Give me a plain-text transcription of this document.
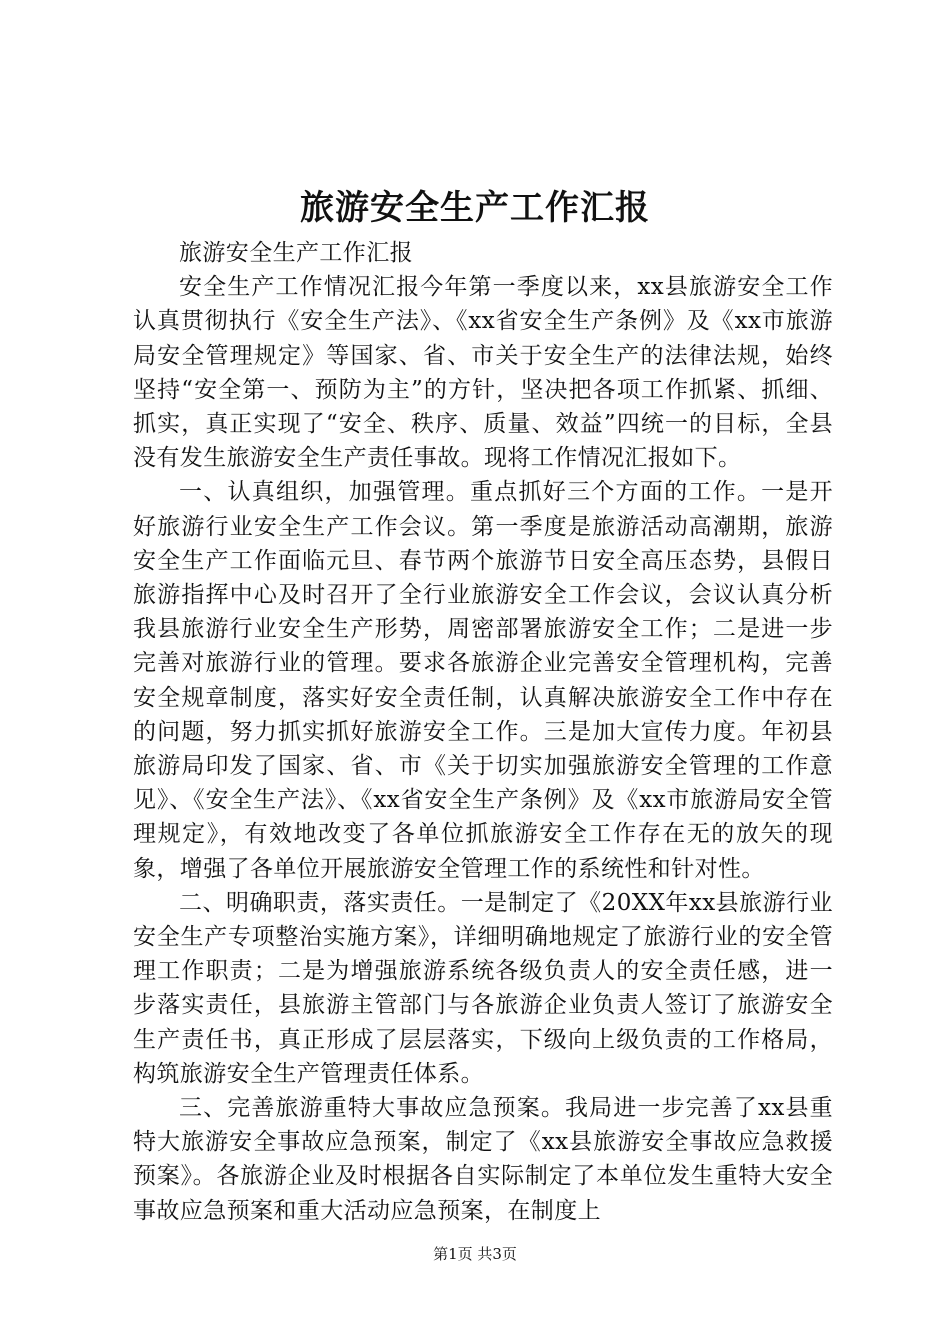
旅游安全生产工作汇报

旅游安全生产工作汇报

安全生产工作情况汇报今年第一季度以来，xx县旅游安全工作认真贯彻执行《安全生产法》、《xx省安全生产条例》及《xx市旅游局安全管理规定》等国家、省、市关于安全生产的法律法规，始终坚持“安全第一、预防为主”的方针，坚决把各项工作抓紧、抓细、抓实，真正实现了“安全、秩序、质量、效益”四统一的目标，全县没有发生旅游安全生产责任事故。现将工作情况汇报如下。

一、认真组织，加强管理。重点抓好三个方面的工作。一是开好旅游行业安全生产工作会议。第一季度是旅游活动高潮期，旅游安全生产工作面临元旦、春节两个旅游节日安全高压态势，县假日旅游指挥中心及时召开了全行业旅游安全工作会议，会议认真分析我县旅游行业安全生产形势，周密部署旅游安全工作；二是进一步完善对旅游行业的管理。要求各旅游企业完善安全管理机构，完善安全规章制度，落实好安全责任制，认真解决旅游安全工作中存在的问题，努力抓实抓好旅游安全工作。三是加大宣传力度。年初县旅游局印发了国家、省、市《关于切实加强旅游安全管理的工作意见》、《安全生产法》、《xx省安全生产条例》及《xx市旅游局安全管理规定》，有效地改变了各单位抓旅游安全工作存在无的放矢的现象，增强了各单位开展旅游安全管理工作的系统性和针对性。

二、明确职责，落实责任。一是制定了《20XX年xx县旅游行业安全生产专项整治实施方案》，详细明确地规定了旅游行业的安全管理工作职责；二是为增强旅游系统各级负责人的安全责任感，进一步落实责任，县旅游主管部门与各旅游企业负责人签订了旅游安全生产责任书，真正形成了层层落实，下级向上级负责的工作格局，构筑旅游安全生产管理责任体系。

三、完善旅游重特大事故应急预案。我局进一步完善了xx县重特大旅游安全事故应急预案，制定了《xx县旅游安全事故应急救援预案》。各旅游企业及时根据各自实际制定了本单位发生重特大安全事故应急预案和重大活动应急预案，在制度上

第1页 共3页
